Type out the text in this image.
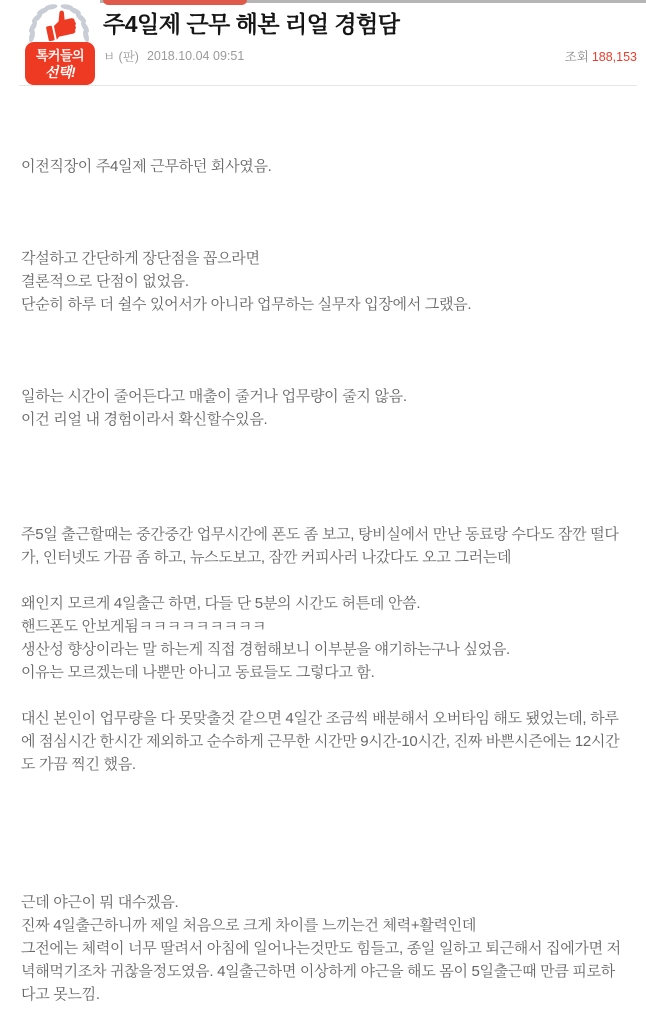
톡커들의
선택!
주4일제 근무 해본 리얼 경험담
ㅂ (판) 2018.10.04 09:51	조회 188,153
이전직장이 주4일제 근무하던 회사였음.
각설하고 간단하게 장단점을 꼽으라면
결론적으로 단점이 없었음.
단순히 하루 더 쉴수 있어서가 아니라 업무하는 실무자 입장에서 그랬음.
일하는 시간이 줄어든다고 매출이 줄거나 업무량이 줄지 않음.
이건 리얼 내 경험이라서 확신할수있음.
주5일 출근할때는 중간중간 업무시간에 폰도 좀 보고, 탕비실에서 만난 동료랑 수다도 잠깐 떨다가, 인터넷도 가끔 좀 하고, 뉴스도보고, 잠깐 커피사러 나갔다도 오고 그러는데
왜인지 모르게 4일출근 하면, 다들 단 5분의 시간도 허튼데 안씀.
핸드폰도 안보게됨ㅋㅋㅋㅋㅋㅋㅋㅋㅋ
생산성 향상이라는 말 하는게 직접 경험해보니 이부분을 얘기하는구나 싶었음.
이유는 모르겠는데 나뿐만 아니고 동료들도 그렇다고 함.
대신 본인이 업무량을 다 못맞출것 같으면 4일간 조금씩 배분해서 오버타임 해도 됐었는데, 하루에 점심시간 한시간 제외하고 순수하게 근무한 시간만 9시간-10시간, 진짜 바쁜시즌에는 12시간도 가끔 찍긴 했음.
근데 야근이 뭐 대수겠음.
진짜 4일출근하니까 제일 처음으로 크게 차이를 느끼는건 체력+활력인데
그전에는 체력이 너무 딸려서 아침에 일어나는것만도 힘들고, 종일 일하고 퇴근해서 집에가면 저녁해먹기조차 귀찮을정도였음. 4일출근하면 이상하게 야근을 해도 몸이 5일출근때 만큼 피로하다고 못느낌.
